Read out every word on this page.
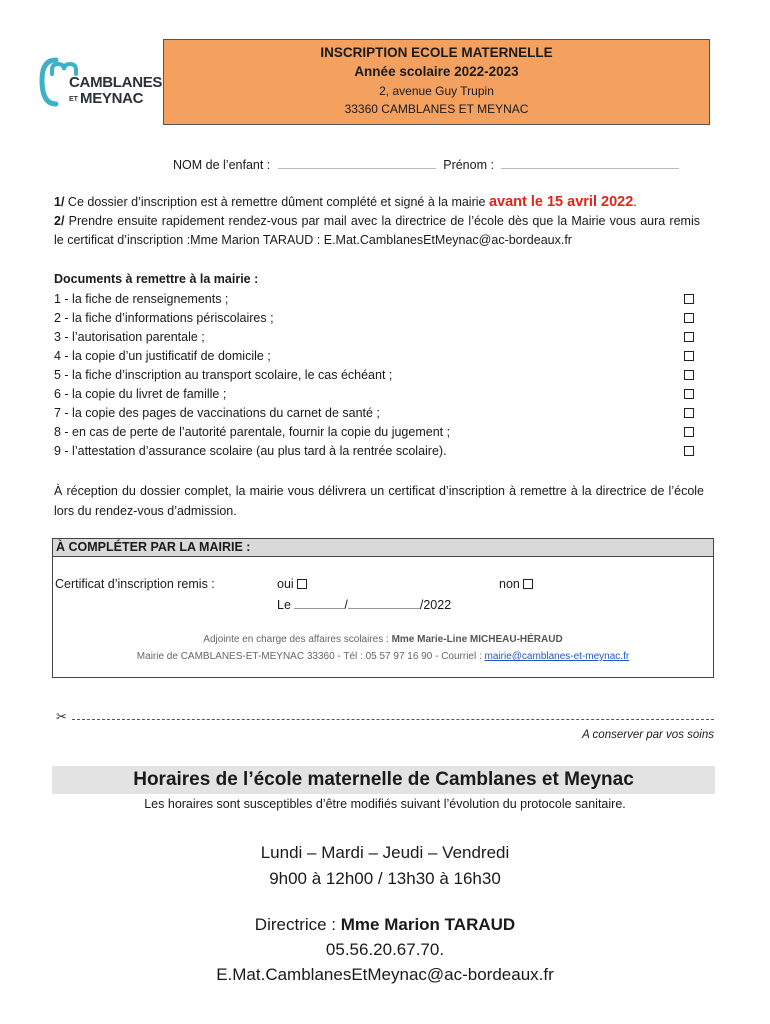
CAMBLANES
ET MEYNAC
INSCRIPTION ECOLE MATERNELLE
Année scolaire 2022-2023
2, avenue Guy Trupin
33360 CAMBLANES ET MEYNAC
NOM de l’enfant :	Prénom :
1/ Ce dossier d’inscription est à remettre dûment complété et signé à la mairie avant le 15 avril 2022.
2/ Prendre ensuite rapidement rendez-vous par mail avec la directrice de l’école dès que la Mairie vous aura remis le certificat d’inscription :Mme Marion TARAUD : E.Mat.CamblanesEtMeynac@ac-bordeaux.fr
Documents à remettre à la mairie :
1 - la fiche de renseignements ;
2 - la fiche d’informations périscolaires ;
3 - l’autorisation parentale ;
4 - la copie d’un justificatif de domicile ;
5 - la fiche d’inscription au transport scolaire, le cas échéant ;
6 - la copie du livret de famille ;
7 - la copie des pages de vaccinations du carnet de santé ;
8 - en cas de perte de l’autorité parentale, fournir la copie du jugement ;
9 - l’attestation d’assurance scolaire (au plus tard à la rentrée scolaire).
À réception du dossier complet, la mairie vous délivrera un certificat d’inscription à remettre à la directrice de l’école lors du rendez-vous d’admission.
À COMPLÉTER PAR LA MAIRIE :
Certificat d’inscription remis :	oui	non
Le	/	/2022
Adjointe en charge des affaires scolaires : Mme Marie-Line MICHEAU-HÉRAUD
Mairie de CAMBLANES-ET-MEYNAC 33360 - Tél : 05 57 97 16 90 - Courriel : mairie@camblanes-et-meynac.fr
✂
A conserver par vos soins
Horaires de l’école maternelle de Camblanes et Meynac
Les horaires sont susceptibles d’être modifiés suivant l’évolution du protocole sanitaire.
Lundi – Mardi – Jeudi – Vendredi
9h00 à 12h00 / 13h30 à 16h30
Directrice : Mme Marion TARAUD
05.56.20.67.70.
E.Mat.CamblanesEtMeynac@ac-bordeaux.fr
